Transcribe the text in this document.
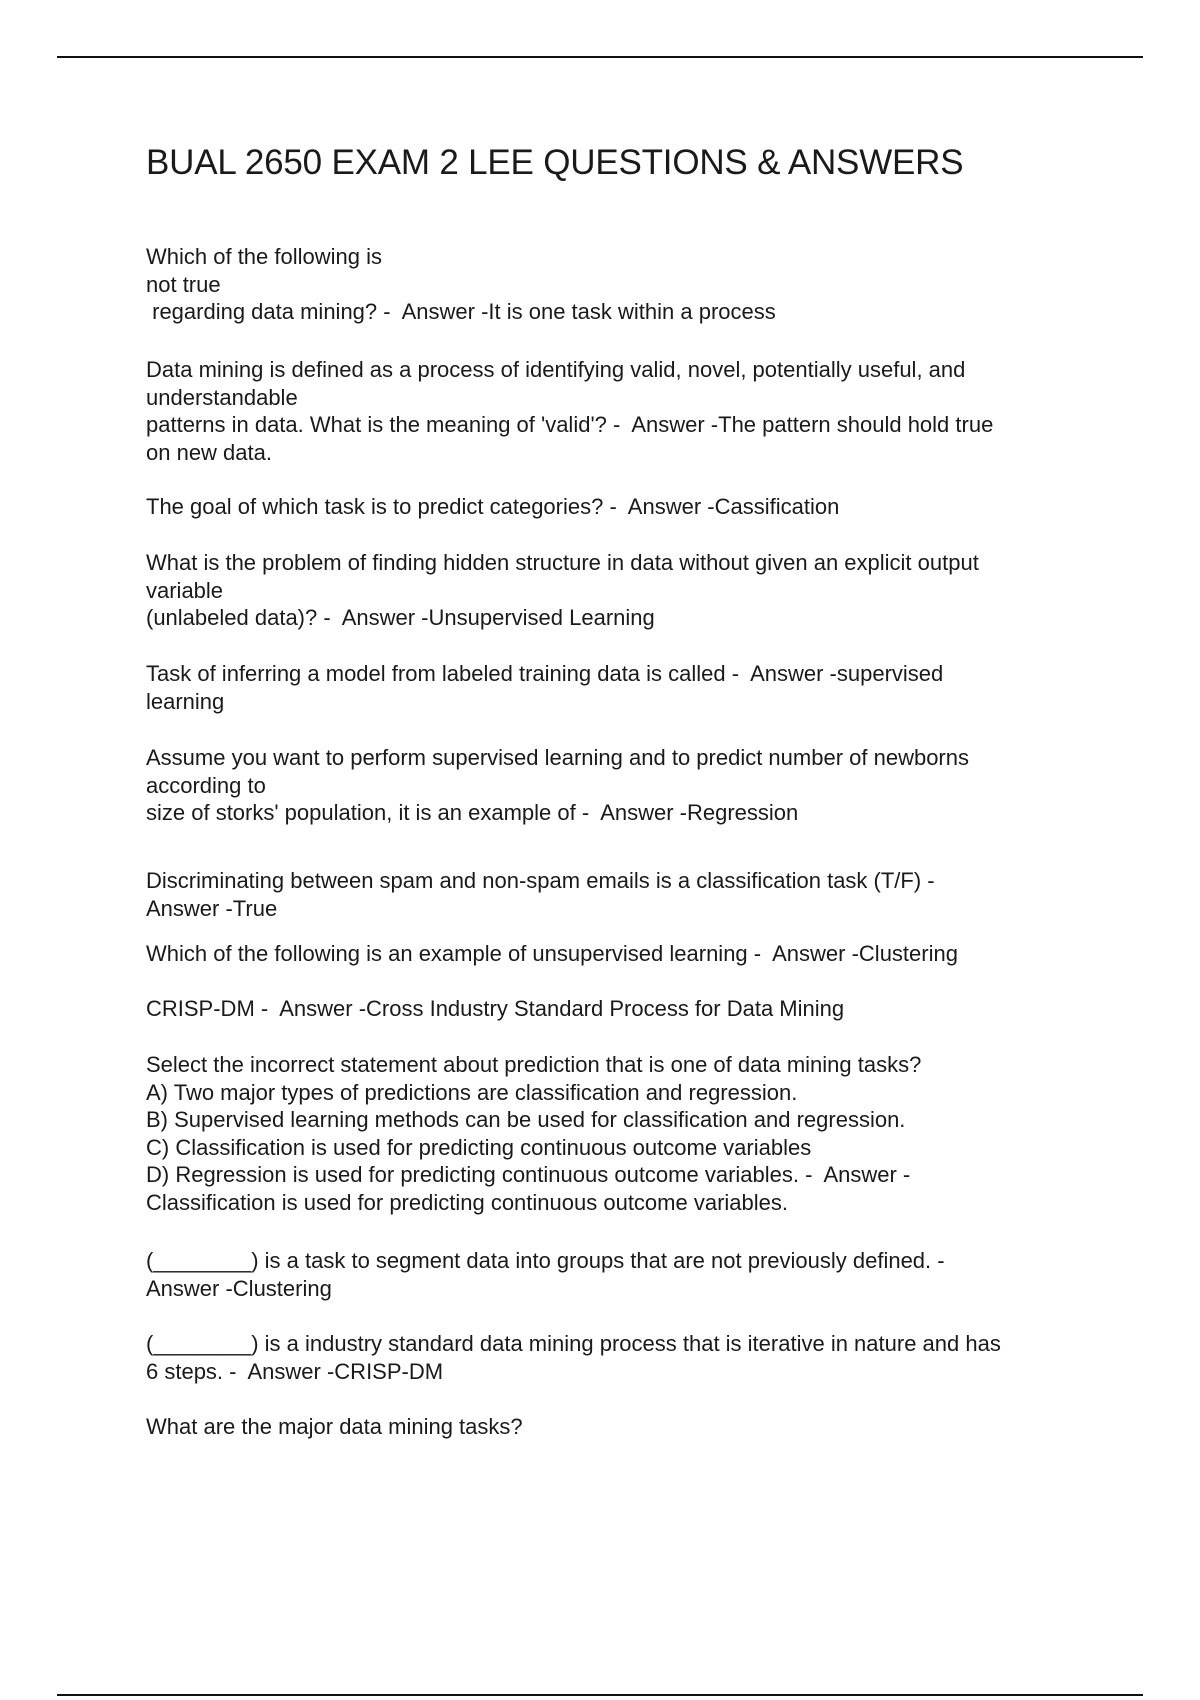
BUAL 2650 EXAM 2 LEE QUESTIONS & ANSWERS
Which of the following is
not true
regarding data mining? -  Answer -It is one task within a process
Data mining is defined as a process of identifying valid, novel, potentially useful, and
understandable
patterns in data. What is the meaning of 'valid'? -  Answer -The pattern should hold true
on new data.
The goal of which task is to predict categories? -  Answer -Cassification
What is the problem of finding hidden structure in data without given an explicit output
variable
(unlabeled data)? -  Answer -Unsupervised Learning
Task of inferring a model from labeled training data is called -  Answer -supervised
learning
Assume you want to perform supervised learning and to predict number of newborns
according to
size of storks' population, it is an example of -  Answer -Regression
Discriminating between spam and non-spam emails is a classification task (T/F) -
Answer -True
Which of the following is an example of unsupervised learning -  Answer -Clustering
CRISP-DM -  Answer -Cross Industry Standard Process for Data Mining
Select the incorrect statement about prediction that is one of data mining tasks?
A) Two major types of predictions are classification and regression.
B) Supervised learning methods can be used for classification and regression.
C) Classification is used for predicting continuous outcome variables
D) Regression is used for predicting continuous outcome variables. -  Answer -
Classification is used for predicting continuous outcome variables.
(________) is a task to segment data into groups that are not previously defined. -
Answer -Clustering
(________) is a industry standard data mining process that is iterative in nature and has
6 steps. -  Answer -CRISP-DM
What are the major data mining tasks?
